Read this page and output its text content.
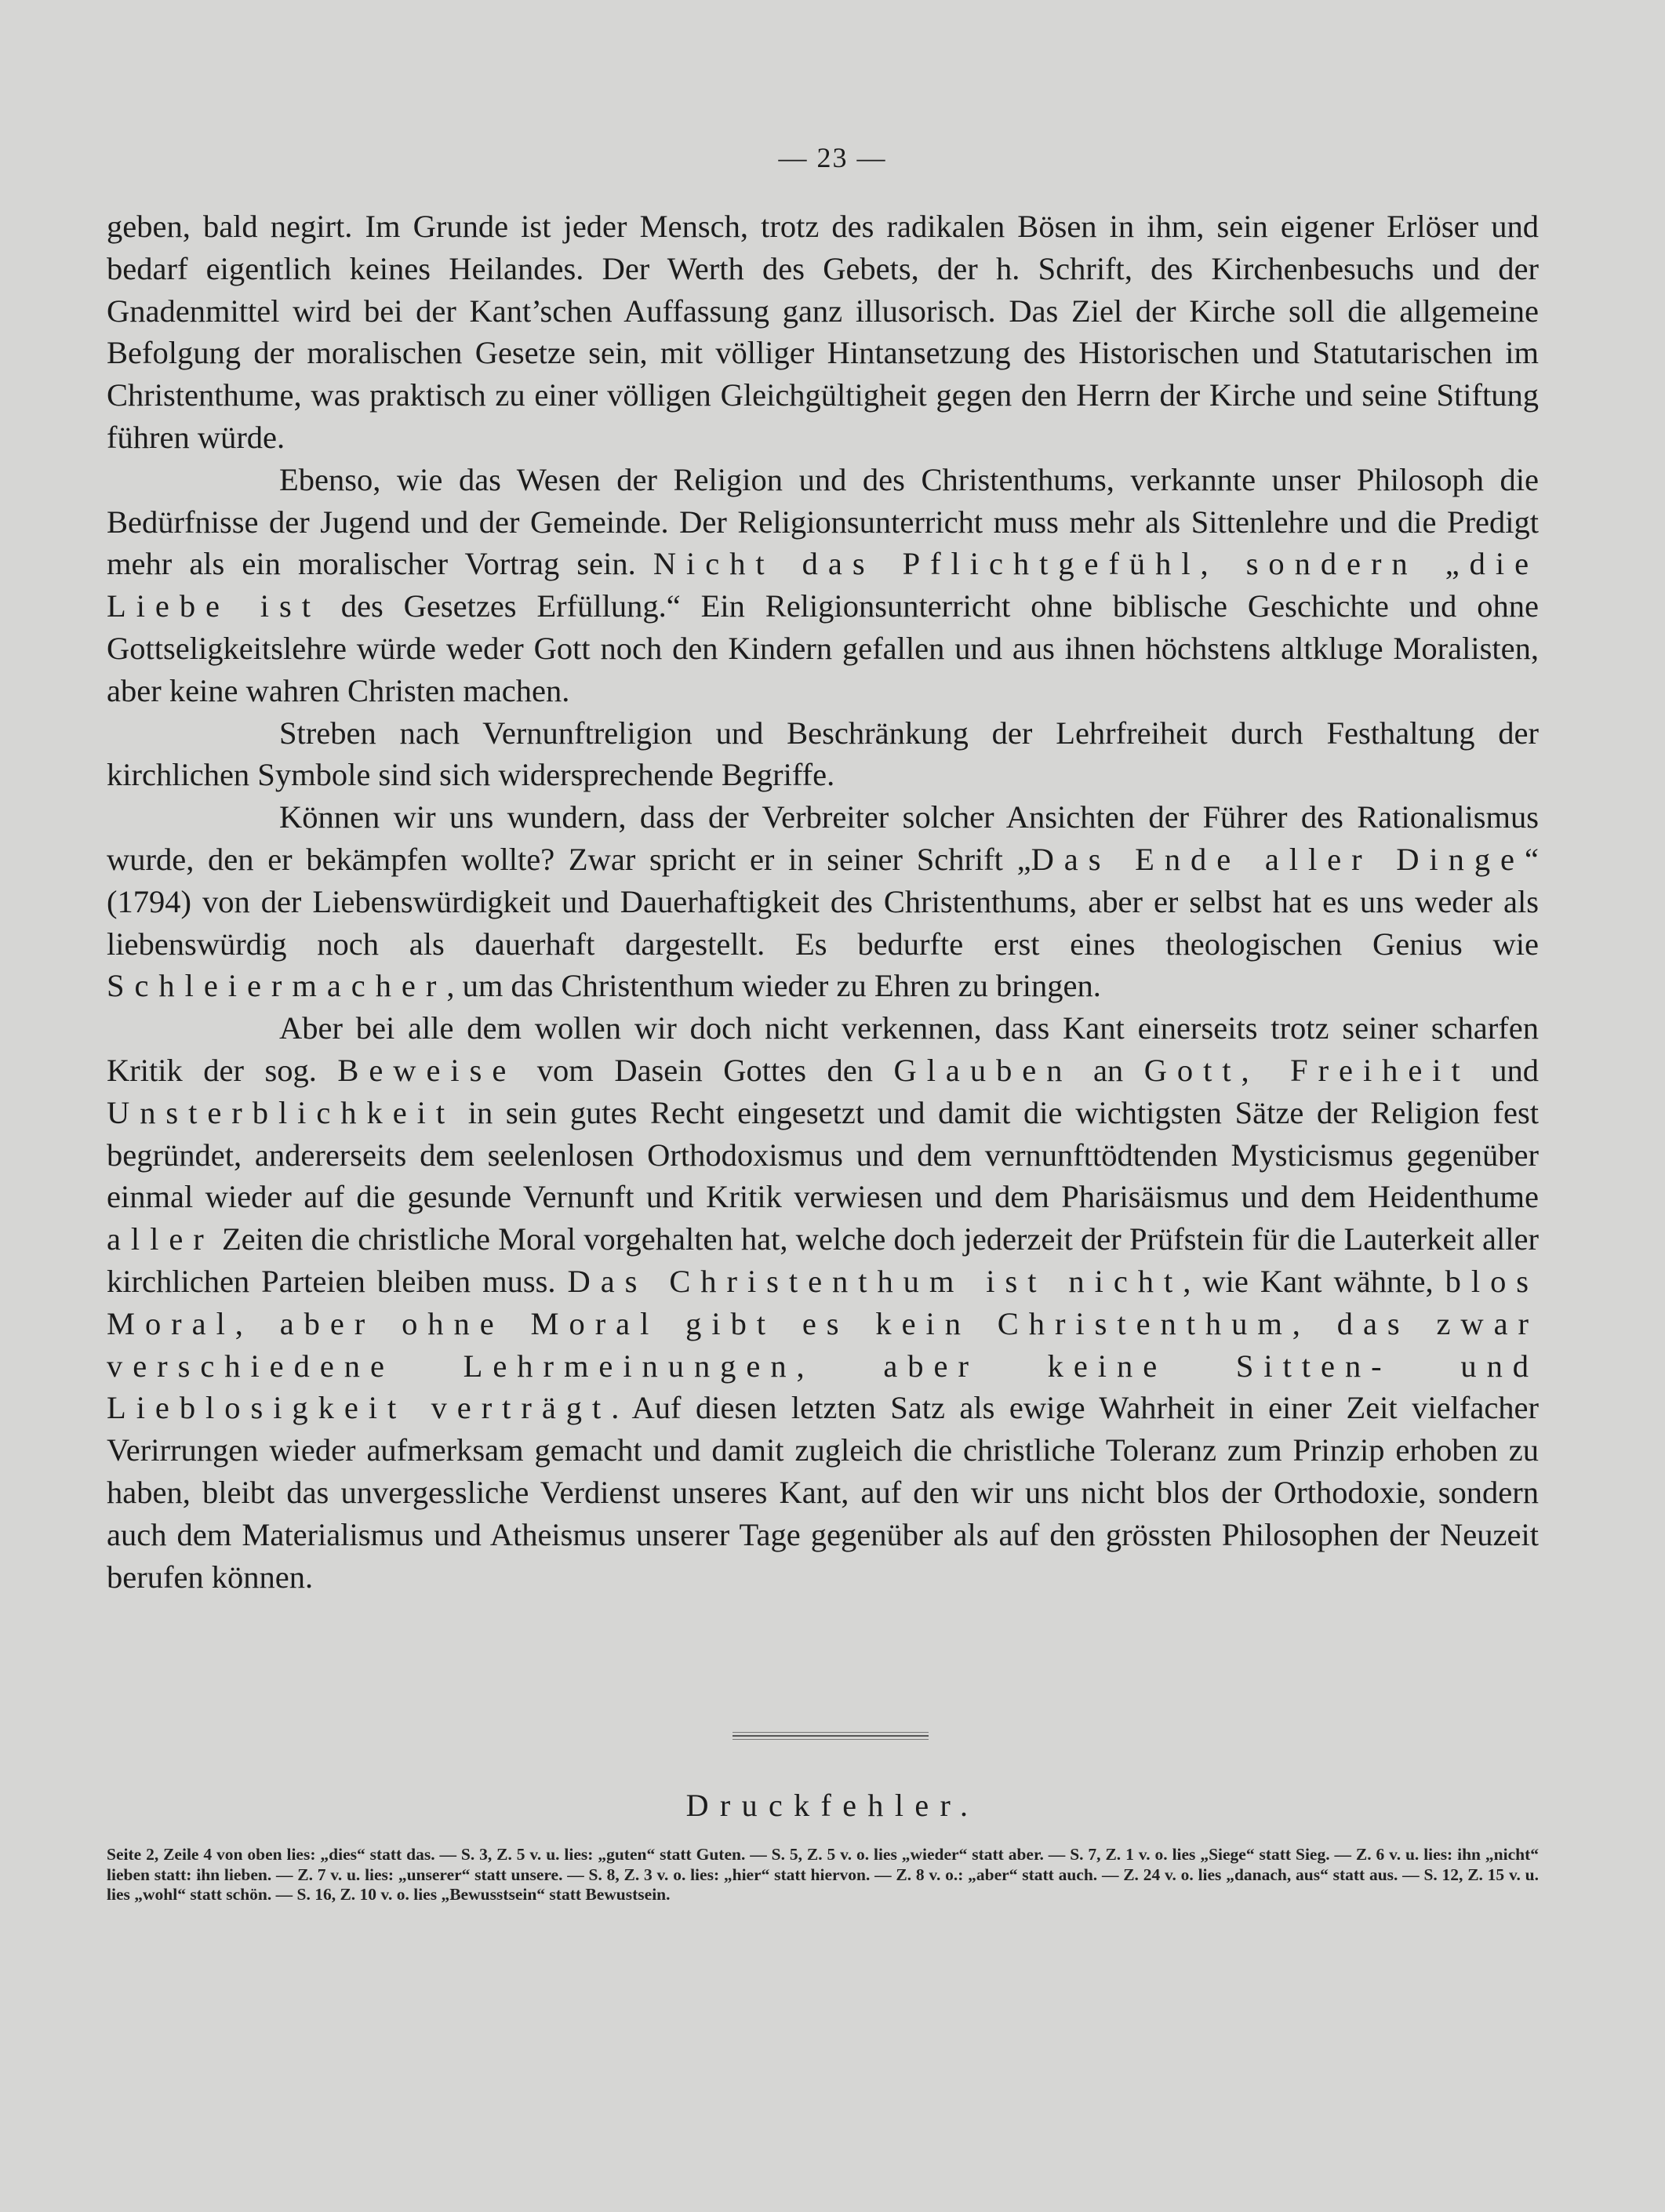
— 23 —

geben, bald negirt. Im Grunde ist jeder Mensch, trotz des radikalen Bösen in ihm, sein eigener Erlöser und bedarf eigentlich keines Heilandes. Der Werth des Gebets, der h. Schrift, des Kirchenbesuchs und der Gnadenmittel wird bei der Kant’schen Auffassung ganz illusorisch. Das Ziel der Kirche soll die allgemeine Befolgung der moralischen Gesetze sein, mit völliger Hintansetzung des Historischen und Statutarischen im Christenthume, was praktisch zu einer völligen Gleichgültigheit gegen den Herrn der Kirche und seine Stiftung führen würde.

Ebenso, wie das Wesen der Religion und des Christenthums, verkannte unser Philosoph die Bedürfnisse der Jugend und der Gemeinde. Der Religionsunterricht muss mehr als Sittenlehre und die Predigt mehr als ein moralischer Vortrag sein. Nicht das Pflichtgefühl, sondern „die Liebe ist des Gesetzes Erfüllung.“ Ein Religionsunterricht ohne biblische Geschichte und ohne Gottseligkeitslehre würde weder Gott noch den Kindern gefallen und aus ihnen höchstens altkluge Moralisten, aber keine wahren Christen machen.

Streben nach Vernunftreligion und Beschränkung der Lehrfreiheit durch Festhaltung der kirchlichen Symbole sind sich widersprechende Begriffe.

Können wir uns wundern, dass der Verbreiter solcher Ansichten der Führer des Rationalismus wurde, den er bekämpfen wollte? Zwar spricht er in seiner Schrift „Das Ende aller Dinge“ (1794) von der Liebenswürdigkeit und Dauerhaftigkeit des Christenthums, aber er selbst hat es uns weder als liebenswürdig noch als dauerhaft dargestellt. Es bedurfte erst eines theologischen Genius wie Schleiermacher, um das Christenthum wieder zu Ehren zu bringen.

Aber bei alle dem wollen wir doch nicht verkennen, dass Kant einerseits trotz seiner scharfen Kritik der sog. Beweise vom Dasein Gottes den Glauben an Gott, Freiheit und Unsterblichkeit in sein gutes Recht eingesetzt und damit die wichtigsten Sätze der Religion fest begründet, andererseits dem seelenlosen Orthodoxismus und dem vernunfttödtenden Mysticismus gegenüber einmal wieder auf die gesunde Vernunft und Kritik verwiesen und dem Pharisäismus und dem Heidenthume aller Zeiten die christliche Moral vorgehalten hat, welche doch jederzeit der Prüfstein für die Lauterkeit aller kirchlichen Parteien bleiben muss. Das Christenthum ist nicht, wie Kant wähnte, blos Moral, aber ohne Moral gibt es kein Christenthum, das zwar verschiedene Lehrmeinungen, aber keine Sitten- und Lieblosigkeit verträgt. Auf diesen letzten Satz als ewige Wahrheit in einer Zeit vielfacher Verirrungen wieder aufmerksam gemacht und damit zugleich die christliche Toleranz zum Prinzip erhoben zu haben, bleibt das unvergessliche Verdienst unseres Kant, auf den wir uns nicht blos der Orthodoxie, sondern auch dem Materialismus und Atheismus unserer Tage gegenüber als auf den grössten Philosophen der Neuzeit berufen können.

Druckfehler.
Seite 2, Zeile 4 von oben lies: „dies“ statt das. — S. 3, Z. 5 v. u. lies: „guten“ statt Guten. — S. 5, Z. 5 v. o. lies „wieder“ statt aber. — S. 7, Z. 1 v. o. lies „Siege“ statt Sieg. — Z. 6 v. u. lies: ihn „nicht“ lieben statt: ihn lieben. — Z. 7 v. u. lies: „unserer“ statt unsere. — S. 8, Z. 3 v. o. lies: „hier“ statt hiervon. — Z. 8 v. o.: „aber“ statt auch. — Z. 24 v. o. lies „danach, aus“ statt aus. — S. 12, Z. 15 v. u. lies „wohl“ statt schön. — S. 16, Z. 10 v. o. lies „Bewusstsein“ statt Bewustsein.
